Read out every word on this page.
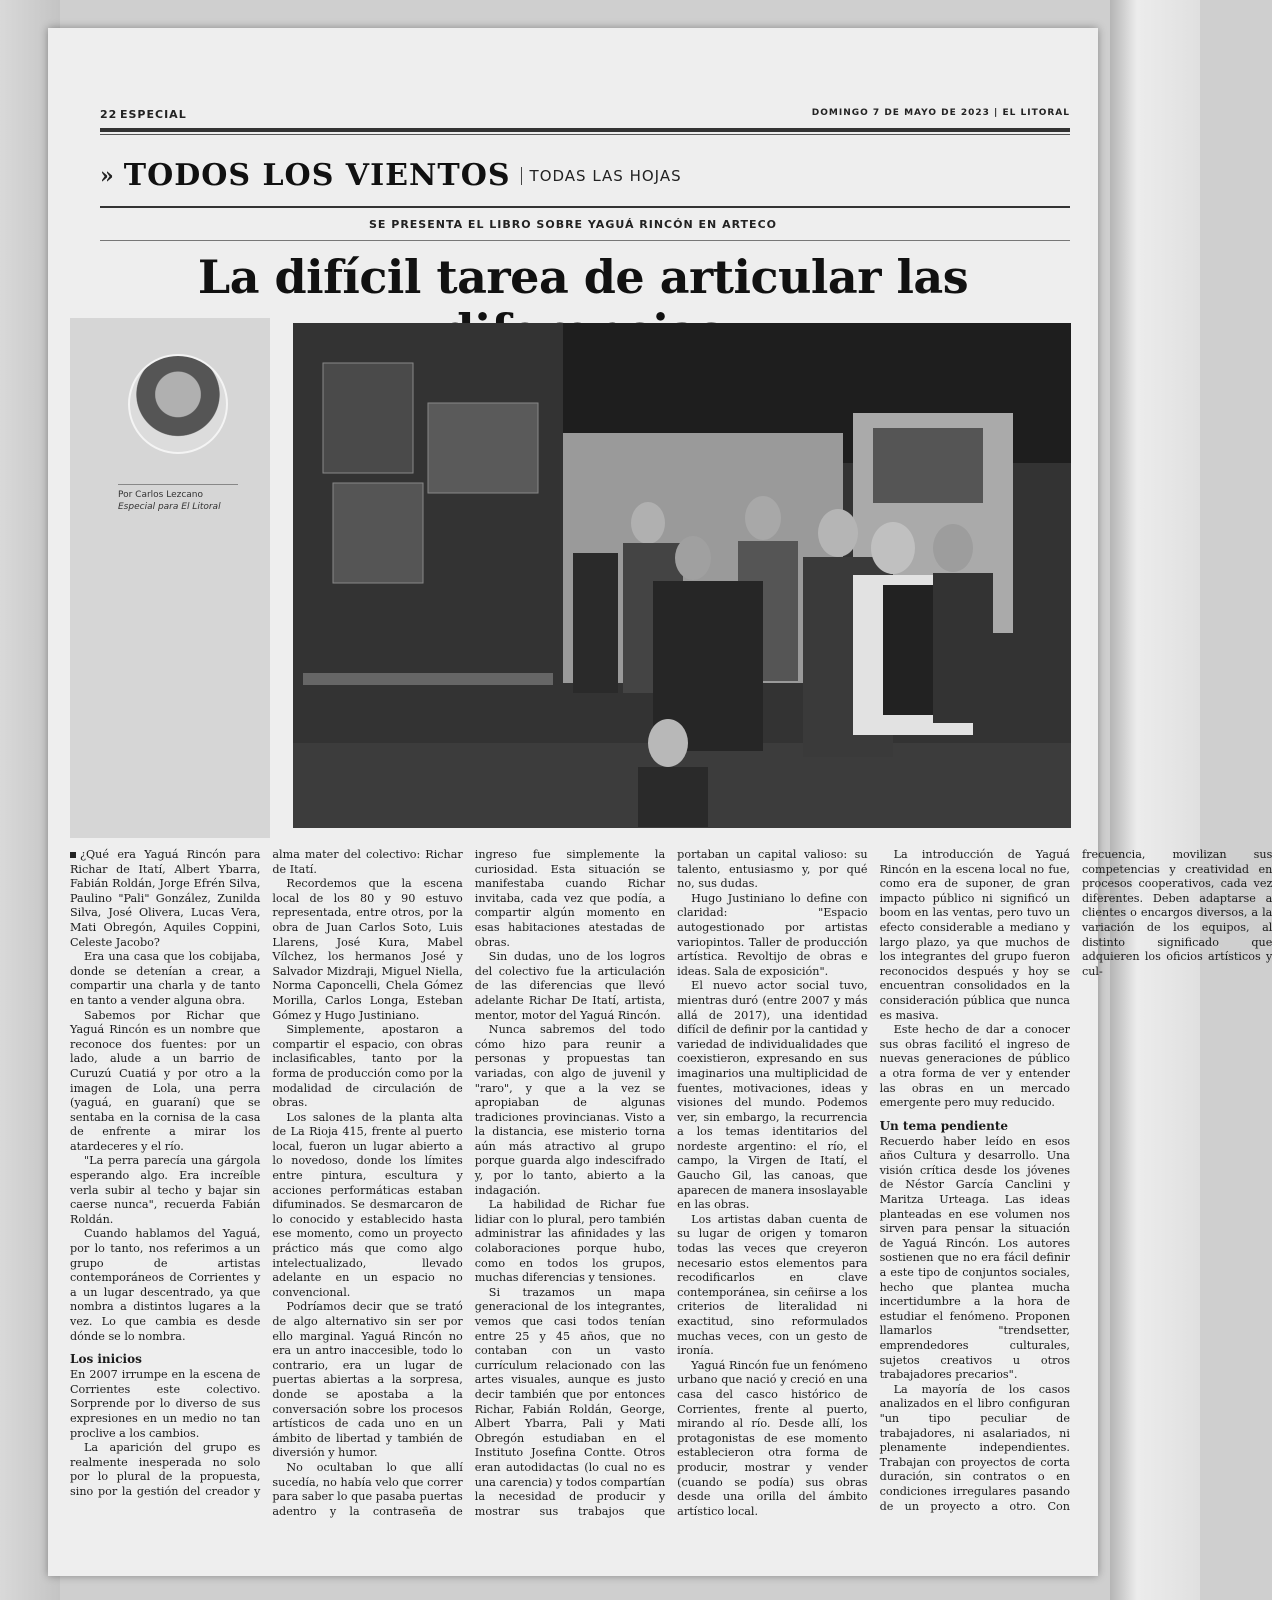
22 ESPECIAL	DOMINGO 7 DE MAYO DE 2023 | EL LITORAL
» TODOS LOS VIENTOS	TODAS LAS HOJAS
SE PRESENTA EL LIBRO SOBRE YAGUÁ RINCÓN EN ARTECO
La difícil tarea de articular las
Por Carlos Lezcano
Especial para El Litoral

¿Qué era Yaguá Rincón para Richar de Itatí, Albert Ybarra, Fabián Roldán, Jorge Efrén Silva, Paulino "Pali" González, Zunilda Silva, José Olivera, Lucas Vera, Mati Obregón, Aquiles Coppini, Celeste Jacobo?

Era una casa que los cobijaba, donde se detenían a crear, a compartir una charla y de tanto en tanto a vender alguna obra.

Sabemos por Richar que Yaguá Rincón es un nombre que reconoce dos fuentes: por un lado, alude a un barrio de Curuzú Cuatiá y por otro a la imagen de Lola, una perra (yaguá, en guaraní) que se sentaba en la cornisa de la casa de enfrente a mirar los atardeceres y el río.

"La perra parecía una gárgola esperando algo. Era increíble verla subir al techo y bajar sin caerse nunca", recuerda Fabián Roldán.

Cuando hablamos del Yaguá, por lo tanto, nos referimos a un grupo de artistas contemporáneos de Corrientes y a un lugar descentrado, ya que nombra a distintos lugares a la vez. Lo que cambia es desde dónde se lo nombra.

Los inicios

En 2007 irrumpe en la escena de Corrientes este colectivo. Sorprende por lo diverso de sus expresiones en un medio no tan proclive a los cambios.

La aparición del grupo es realmente inesperada no solo por lo plural de la propuesta, sino por la gestión del creador y alma mater del colectivo: Richar de Itatí.

Recordemos que la escena local de los 80 y 90 estuvo representada, entre otros, por la obra de Juan Carlos Soto, Luis Llarens, José Kura, Mabel Vílchez, los hermanos José y Salvador Mizdraji, Miguel Niella, Norma Caponcelli, Chela Gómez Morilla, Carlos Longa, Esteban Gómez y Hugo Justiniano.

Simplemente, apostaron a compartir el espacio, con obras inclasificables, tanto por la forma de producción como por la modalidad de circulación de obras.

Los salones de la planta alta de La Rioja 415, frente al puerto local, fueron un lugar abierto a lo novedoso, donde los límites entre pintura, escultura y acciones performáticas estaban difuminados. Se desmarcaron de lo conocido y establecido hasta ese momento, como un proyecto práctico más que como algo intelectualizado, llevado adelante en un espacio no convencional.

Podríamos decir que se trató de algo alternativo sin ser por ello marginal. Yaguá Rincón no era un antro inaccesible, todo lo contrario, era un lugar de puertas abiertas a la sorpresa, donde se apostaba a la conversación sobre los procesos artísticos de cada uno en un ámbito de libertad y también de diversión y humor.

No ocultaban lo que allí sucedía, no había velo que correr para saber lo que pasaba puertas adentro y la contraseña de ingreso fue simplemente la curiosidad. Esta situación se manifestaba cuando Richar invitaba, cada vez que podía, a compartir algún momento en esas habitaciones atestadas de obras.

Sin dudas, uno de los logros del colectivo fue la articulación de las diferencias que llevó adelante Richar De Itatí, artista, mentor, motor del Yaguá Rincón.

Nunca sabremos del todo cómo hizo para reunir a personas y propuestas tan variadas, con algo de juvenil y "raro", y que a la vez se apropiaban de algunas tradiciones provincianas. Visto a la distancia, ese misterio torna aún más atractivo al grupo porque guarda algo indescifrado y, por lo tanto, abierto a la indagación.

La habilidad de Richar fue lidiar con lo plural, pero también administrar las afinidades y las colaboraciones porque hubo, como en todos los grupos, muchas diferencias y tensiones.

Si trazamos un mapa generacional de los integrantes, vemos que casi todos tenían entre 25 y 45 años, que no contaban con un vasto currículum relacionado con las artes visuales, aunque es justo decir también que por entonces Richar, Fabián Roldán, George, Albert Ybarra, Pali y Mati Obregón estudiaban en el Instituto Josefina Contte. Otros eran autodidactas (lo cual no es una carencia) y todos compartían la necesidad de producir y mostrar sus trabajos que portaban un capital valioso: su talento, entusiasmo y, por qué no, sus dudas.

Hugo Justiniano lo define con claridad: "Espacio autogestionado por artistas variopintos. Taller de producción artística. Revoltijo de obras e ideas. Sala de exposición".

El nuevo actor social tuvo, mientras duró (entre 2007 y más allá de 2017), una identidad difícil de definir por la cantidad y variedad de individualidades que coexistieron, expresando en sus imaginarios una multiplicidad de fuentes, motivaciones, ideas y visiones del mundo. Podemos ver, sin embargo, la recurrencia a los temas identitarios del nordeste argentino: el río, el campo, la Virgen de Itatí, el Gaucho Gil, las canoas, que aparecen de manera insoslayable en las obras.

Los artistas daban cuenta de su lugar de origen y tomaron todas las veces que creyeron necesario estos elementos para recodificarlos en clave contemporánea, sin ceñirse a los criterios de literalidad ni exactitud, sino reformulados muchas veces, con un gesto de ironía.

Yaguá Rincón fue un fenómeno urbano que nació y creció en una casa del casco histórico de Corrientes, frente al puerto, mirando al río. Desde allí, los protagonistas de ese momento establecieron otra forma de producir, mostrar y vender (cuando se podía) sus obras desde una orilla del ámbito artístico local.

La introducción de Yaguá Rincón en la escena local no fue, como era de suponer, de gran impacto público ni significó un boom en las ventas, pero tuvo un efecto considerable a mediano y largo plazo, ya que muchos de los integrantes del grupo fueron reconocidos después y hoy se encuentran consolidados en la consideración pública que nunca es masiva.

Este hecho de dar a conocer sus obras facilitó el ingreso de nuevas generaciones de público a otra forma de ver y entender las obras en un mercado emergente pero muy reducido.

Un tema pendiente

Recuerdo haber leído en esos años Cultura y desarrollo. Una visión crítica desde los jóvenes de Néstor García Canclini y Maritza Urteaga. Las ideas planteadas en ese volumen nos sirven para pensar la situación de Yaguá Rincón. Los autores sostienen que no era fácil definir a este tipo de conjuntos sociales, hecho que plantea mucha incertidumbre a la hora de estudiar el fenómeno. Proponen llamarlos "trendsetter, emprendedores culturales, sujetos creativos u otros trabajadores precarios".

La mayoría de los casos analizados en el libro configuran "un tipo peculiar de trabajadores, ni asalariados, ni plenamente independientes. Trabajan con proyectos de corta duración, sin contratos o en condiciones irregulares pasando de un proyecto a otro. Con frecuencia, movilizan sus competencias y creatividad en procesos cooperativos, cada vez diferentes. Deben adaptarse a clientes o encargos diversos, a la variación de los equipos, al distinto significado que adquieren los oficios artísticos y cul-
